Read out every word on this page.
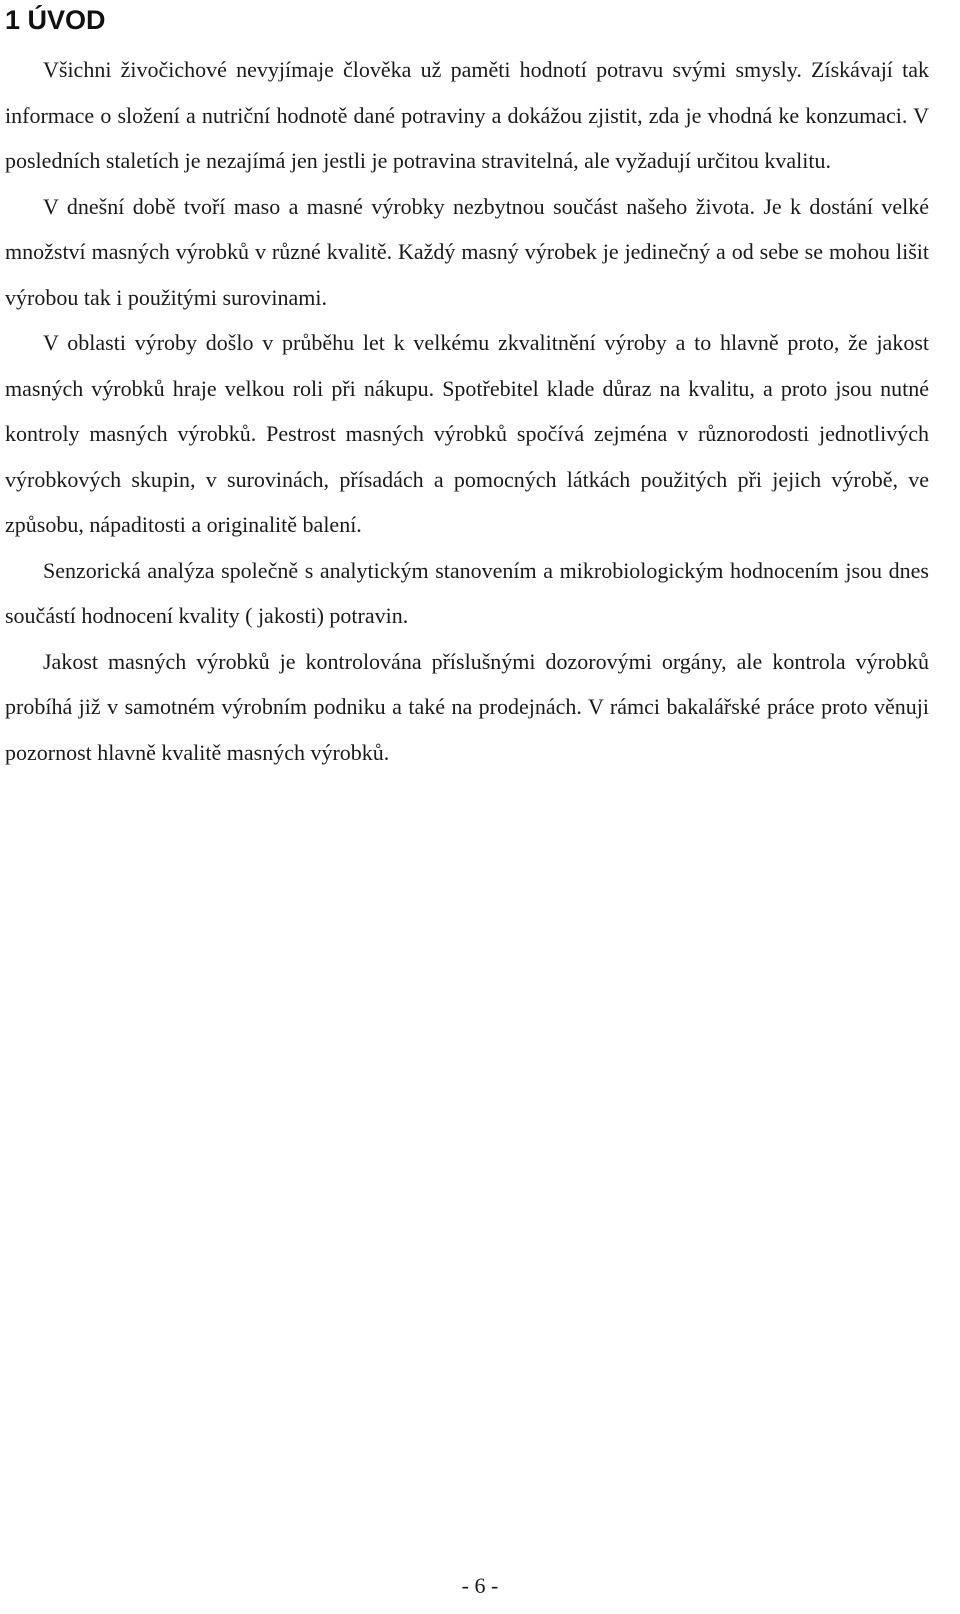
1 ÚVOD

Všichni živočichové nevyjímaje člověka už paměti hodnotí potravu svými smysly. Získávají tak informace o složení a nutriční hodnotě dané potraviny a dokážou zjistit, zda je vhodná ke konzumaci. V posledních staletích je nezajímá jen jestli je potravina stravitelná, ale vyžadují určitou kvalitu.

V dnešní době tvoří maso a masné výrobky nezbytnou součást našeho života. Je k dostání velké množství masných výrobků v různé kvalitě. Každý masný výrobek je jedinečný a od sebe se mohou lišit výrobou tak i použitými surovinami.

V oblasti výroby došlo v průběhu let k velkému zkvalitnění výroby a to hlavně proto, že jakost masných výrobků hraje velkou roli při nákupu. Spotřebitel klade důraz na kvalitu, a proto jsou nutné kontroly masných výrobků. Pestrost masných výrobků spočívá zejména v různorodosti jednotlivých výrobkových skupin, v surovinách, přísadách a pomocných látkách použitých při jejich výrobě, ve způsobu, nápaditosti a originalitě balení.

Senzorická analýza společně s analytickým stanovením a mikrobiologickým hodnocením jsou dnes součástí hodnocení kvality ( jakosti) potravin.

Jakost masných výrobků je kontrolována příslušnými dozorovými orgány, ale kontrola výrobků probíhá již v samotném výrobním podniku a také na prodejnách. V rámci bakalářské práce proto věnuji pozornost hlavně kvalitě masných výrobků.

- 6 -
